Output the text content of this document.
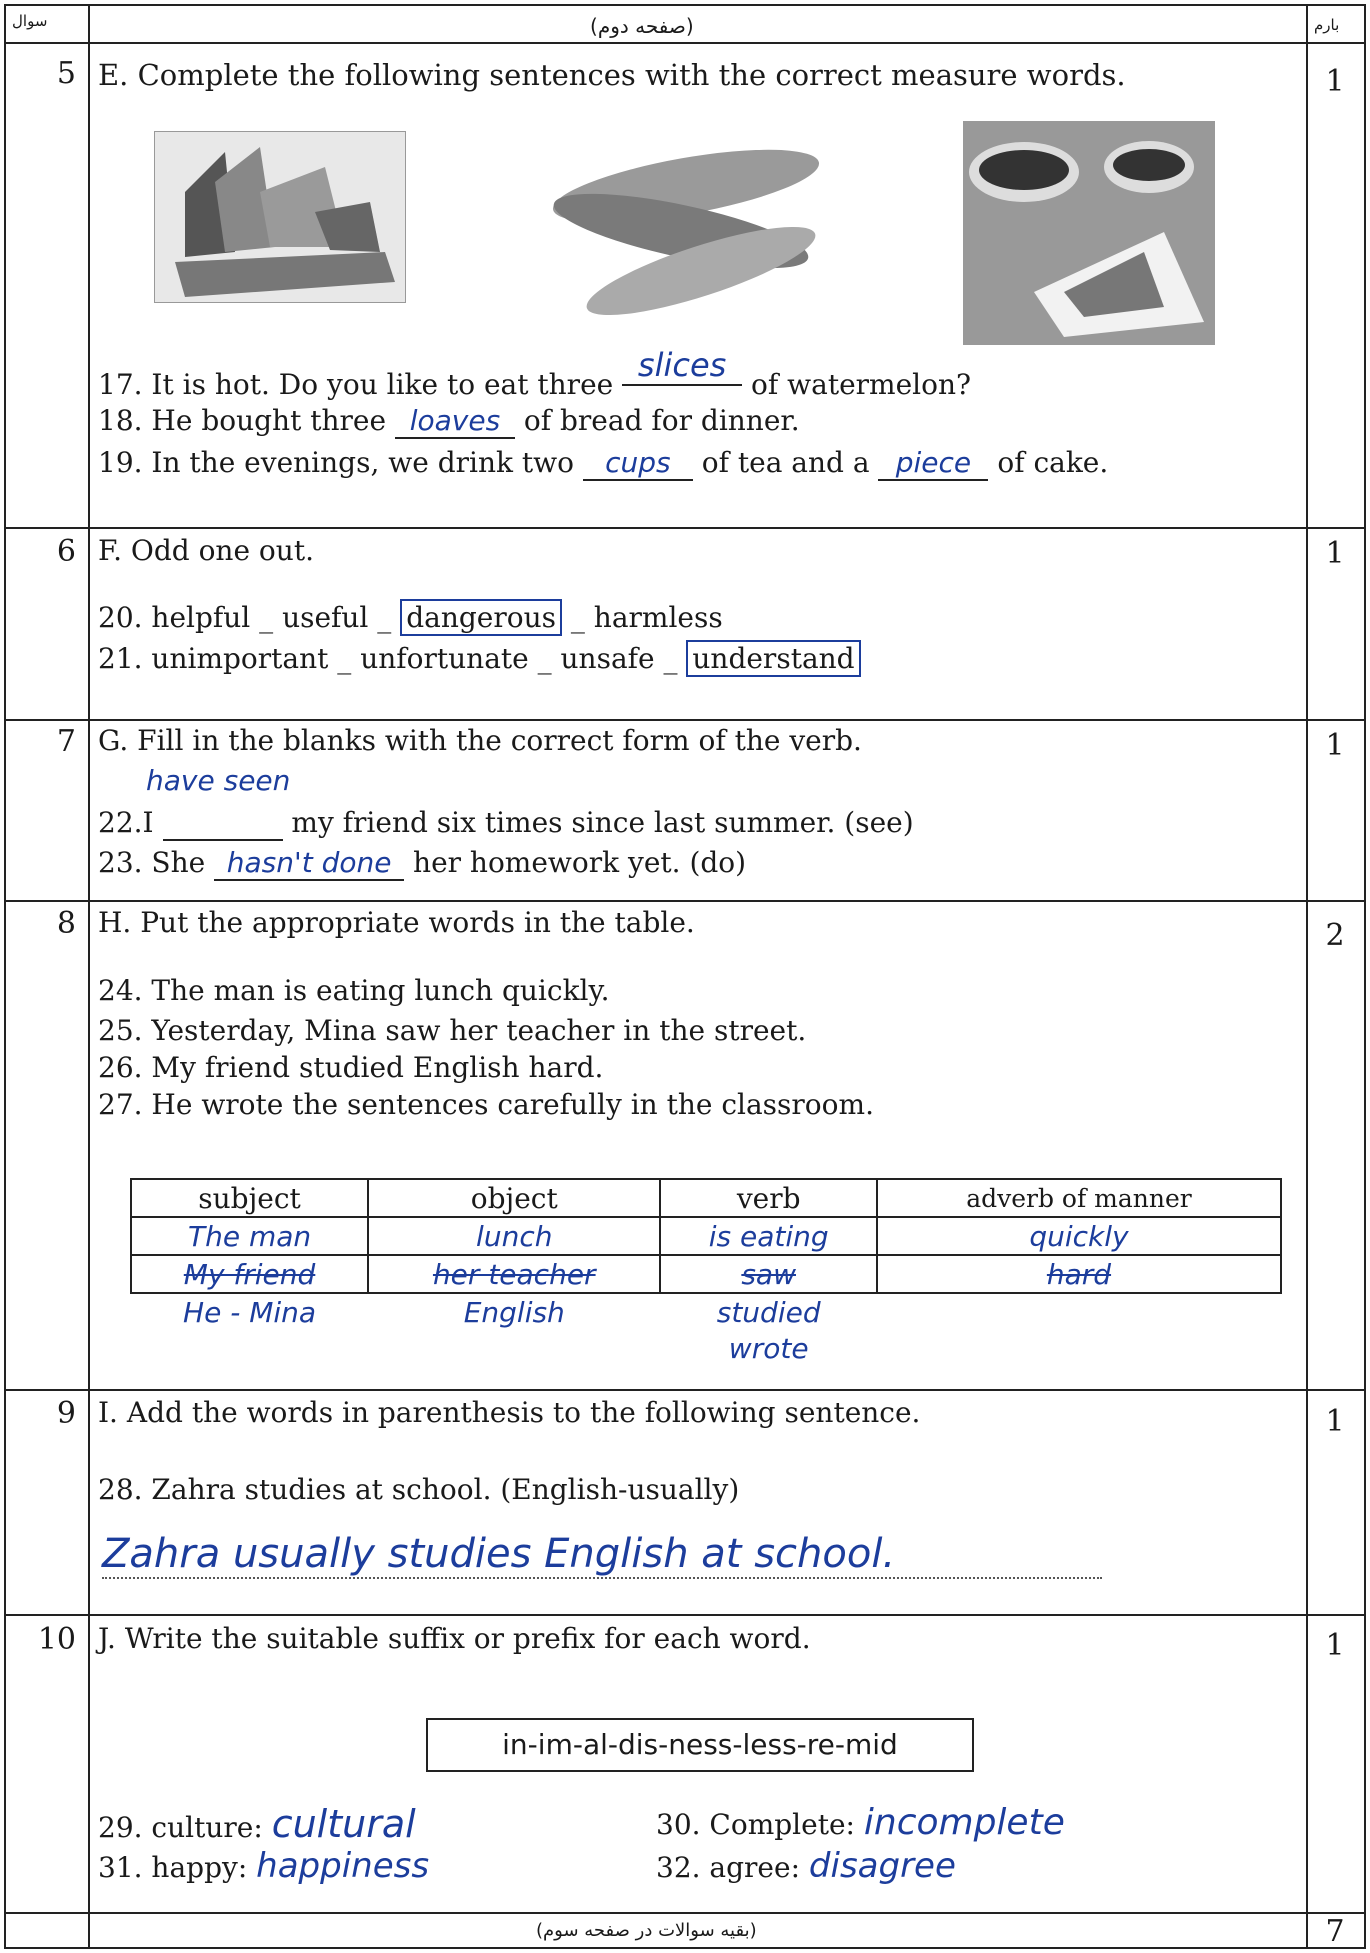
سوال	(صفحه دوم)	بارم
5	1
E. Complete the following sentences with the correct measure words.
17. It is hot. Do you like to eat three slices of watermelon?
18. He bought three loaves of bread for dinner.
19. In the evenings, we drink two cups of tea and a piece of cake.
6	1
F. Odd one out.
20. helpful _ useful _ dangerous _ harmless
21. unimportant _ unfortunate _ unsafe _ understand
7	1
G. Fill in the blanks with the correct form of the verb.
have seen
22.I	my friend six times since last summer. (see)
23. She hasn't done her homework yet. (do)
8	2
H. Put the appropriate words in the table.
24. The man is eating lunch quickly.
25. Yesterday, Mina saw her teacher in the street.
26. My friend studied English hard.
27. He wrote the sentences carefully in the classroom.
9	1
I. Add the words in parenthesis to the following sentence.
28. Zahra studies at school. (English-usually)
Zahra usually studies English at school.
10	1
J. Write the suitable suffix or prefix for each word.
in-im-al-dis-ness-less-re-mid
29. culture: cultural	30. Complete: incomplete
31. happy: happiness	32. agree: disagree
(بقیه سوالات در صفحه سوم)	7
subject	object	verb	adverb of manner
The man	lunch	is eating	quickly
My friend	her teacher	saw	hard
He - Mina	English	studied	
		wrote	
